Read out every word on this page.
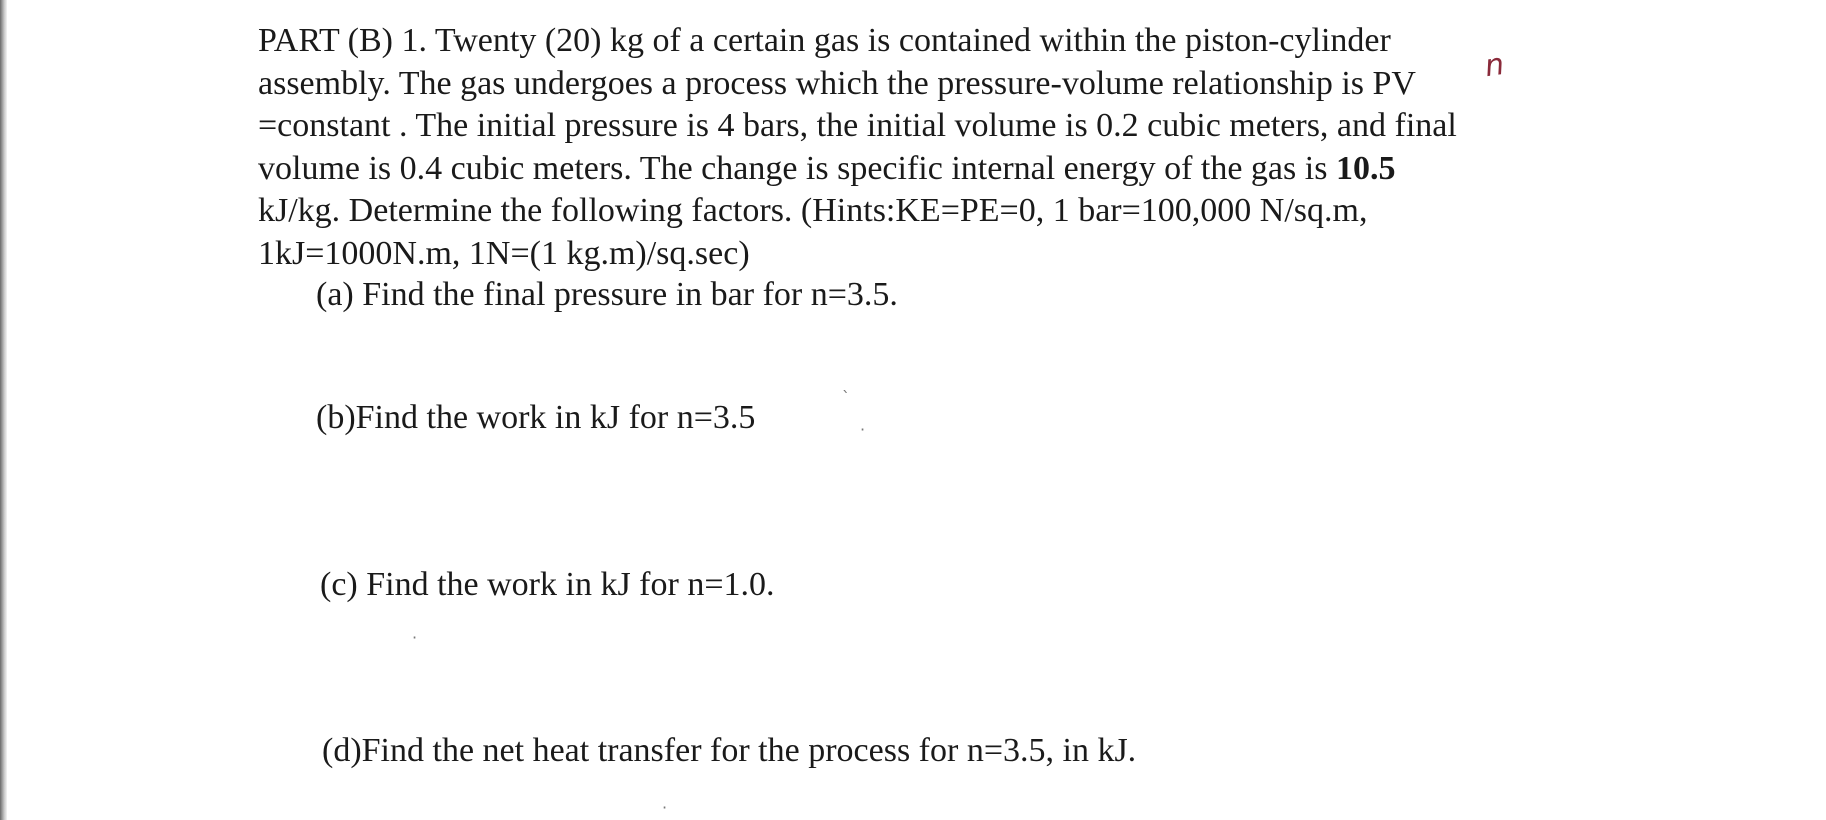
PART (B) 1. Twenty (20) kg of a certain gas is contained within the piston-cylinder
assembly. The gas undergoes a process which the pressure-volume relationship is PV
=constant . The initial pressure is 4 bars, the initial volume is 0.2 cubic meters, and final
volume is 0.4 cubic meters. The change is specific internal energy of the gas is 10.5
kJ/kg. Determine the following factors. (Hints:KE=PE=0, 1 bar=100,000 N/sq.m,
1kJ=1000N.m, 1N=(1 kg.m)/sq.sec)
n
(a) Find the final pressure in bar for n=3.5.
(b)Find the work in kJ for n=3.5
(c) Find the work in kJ for n=1.0.
(d)Find the net heat transfer for the process for n=3.5, in kJ.
ˋ
·
·
·
